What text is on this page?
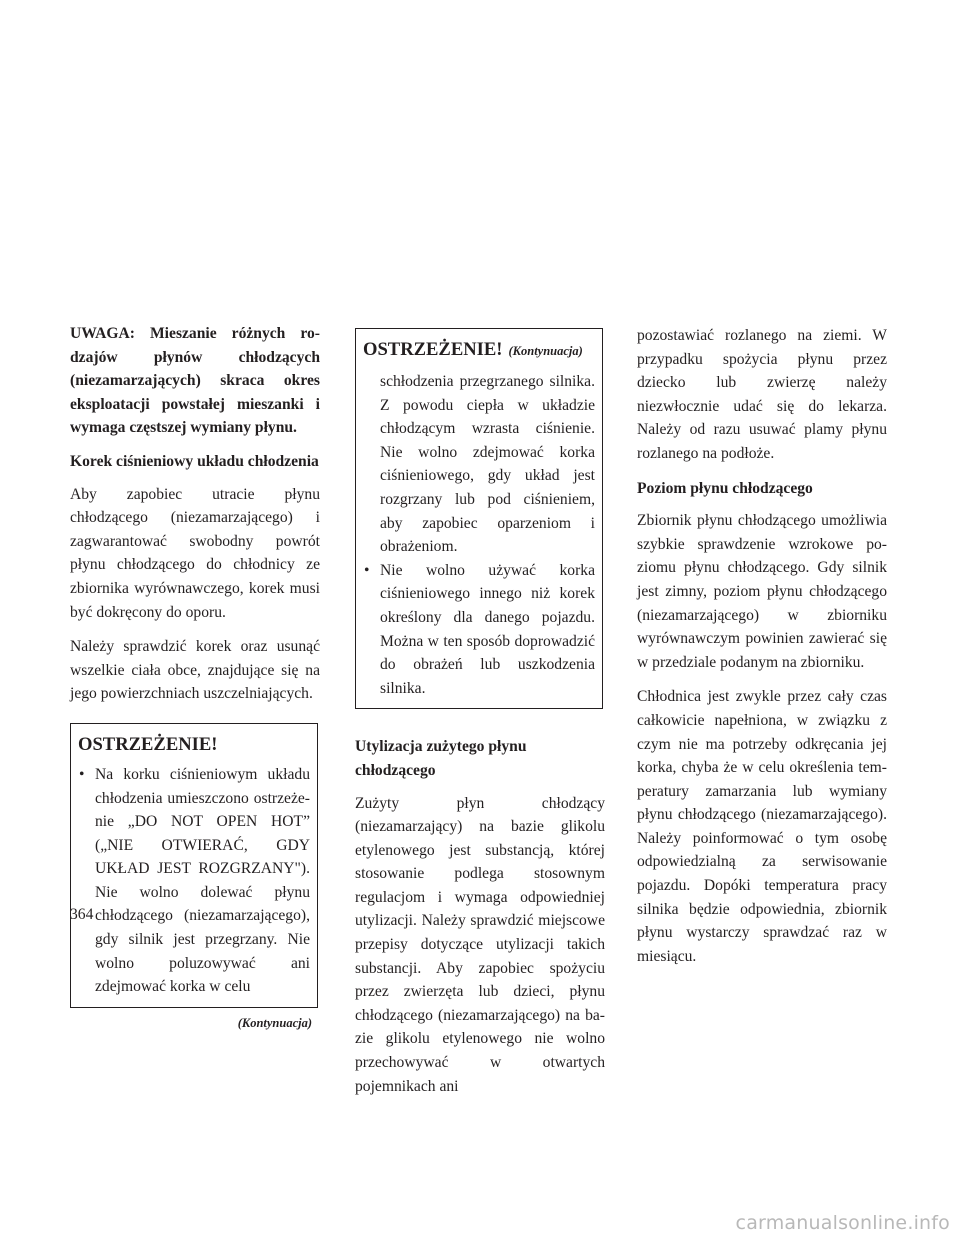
UWAGA: Mieszanie różnych rodzajów płynów chłodzących (niezamarzających) skraca okres eksploatacji powstałej mieszanki i wymaga częstszej wymiany płynu.

Korek ciśnieniowy układu chłodzenia

Aby zapobiec utracie płynu chłodzącego (niezamarzającego) i zagwarantować swobodny powrót płynu chłodzącego do chłodnicy ze zbiornika wyrównawczego, korek musi być dokręcony do oporu.

Należy sprawdzić korek oraz usunąć wszelkie ciała obce, znajdujące się na jego powierzchniach uszczelniających.

OSTRZEŻENIE!
• Na korku ciśnieniowym układu chłodzenia umieszczono ostrzeżenie „DO NOT OPEN HOT” („NIE OTWIERAĆ, GDY UKŁAD JEST ROZGRZANY"). Nie wolno dolewać płynu chłodzącego (niezamarzającego), gdy silnik jest przegrzany. Nie wolno poluzowywać ani zdejmować korka w celu
(Kontynuacja)
OSTRZEŻENIE! (Kontynuacja)
schłodzenia przegrzanego silnika. Z powodu ciepła w układzie chłodzącym wzrasta ciśnienie. Nie wolno zdejmować korka ciśnieniowego, gdy układ jest rozgrzany lub pod ciśnieniem, aby zapobiec oparzeniom i obrażeniom.
• Nie wolno używać korka ciśnieniowego innego niż korek określony dla danego pojazdu. Można w ten sposób doprowadzić do obrażeń lub uszkodzenia silnika.

Utylizacja zużytego płynu chłodzącego

Zużyty płyn chłodzący (niezamarzający) na bazie glikolu etylenowego jest substancją, której stosowanie podlega stosownym regulacjom i wymaga odpowiedniej utylizacji. Należy sprawdzić miejscowe przepisy dotyczące utylizacji takich substancji. Aby zapobiec spożyciu przez zwierzęta lub dzieci, płynu chłodzącego (niezamarzającego) na bazie glikolu etylenowego nie wolno przechowywać w otwartych pojemnikach ani

pozostawiać rozlanego na ziemi. W przypadku spożycia płynu przez dziecko lub zwierzę należy niezwłocznie udać się do lekarza. Należy od razu usuwać plamy płynu rozlanego na podłoże.

Poziom płynu chłodzącego

Zbiornik płynu chłodzącego umożliwia szybkie sprawdzenie wzrokowe poziomu płynu chłodzącego. Gdy silnik jest zimny, poziom płynu chłodzącego (niezamarzającego) w zbiorniku wyrównawczym powinien zawierać się w przedziale podanym na zbiorniku.

Chłodnica jest zwykle przez cały czas całkowicie napełniona, w związku z czym nie ma potrzeby odkręcania jej korka, chyba że w celu określenia temperatury zamarzania lub wymiany płynu chłodzącego (niezamarzającego). Należy poinformować o tym osobę odpowiedzialną za serwisowanie pojazdu. Dopóki temperatura pracy silnika będzie odpowiednia, zbiornik płynu wystarczy sprawdzać raz w miesiącu.

364
carmanualsonline.info
